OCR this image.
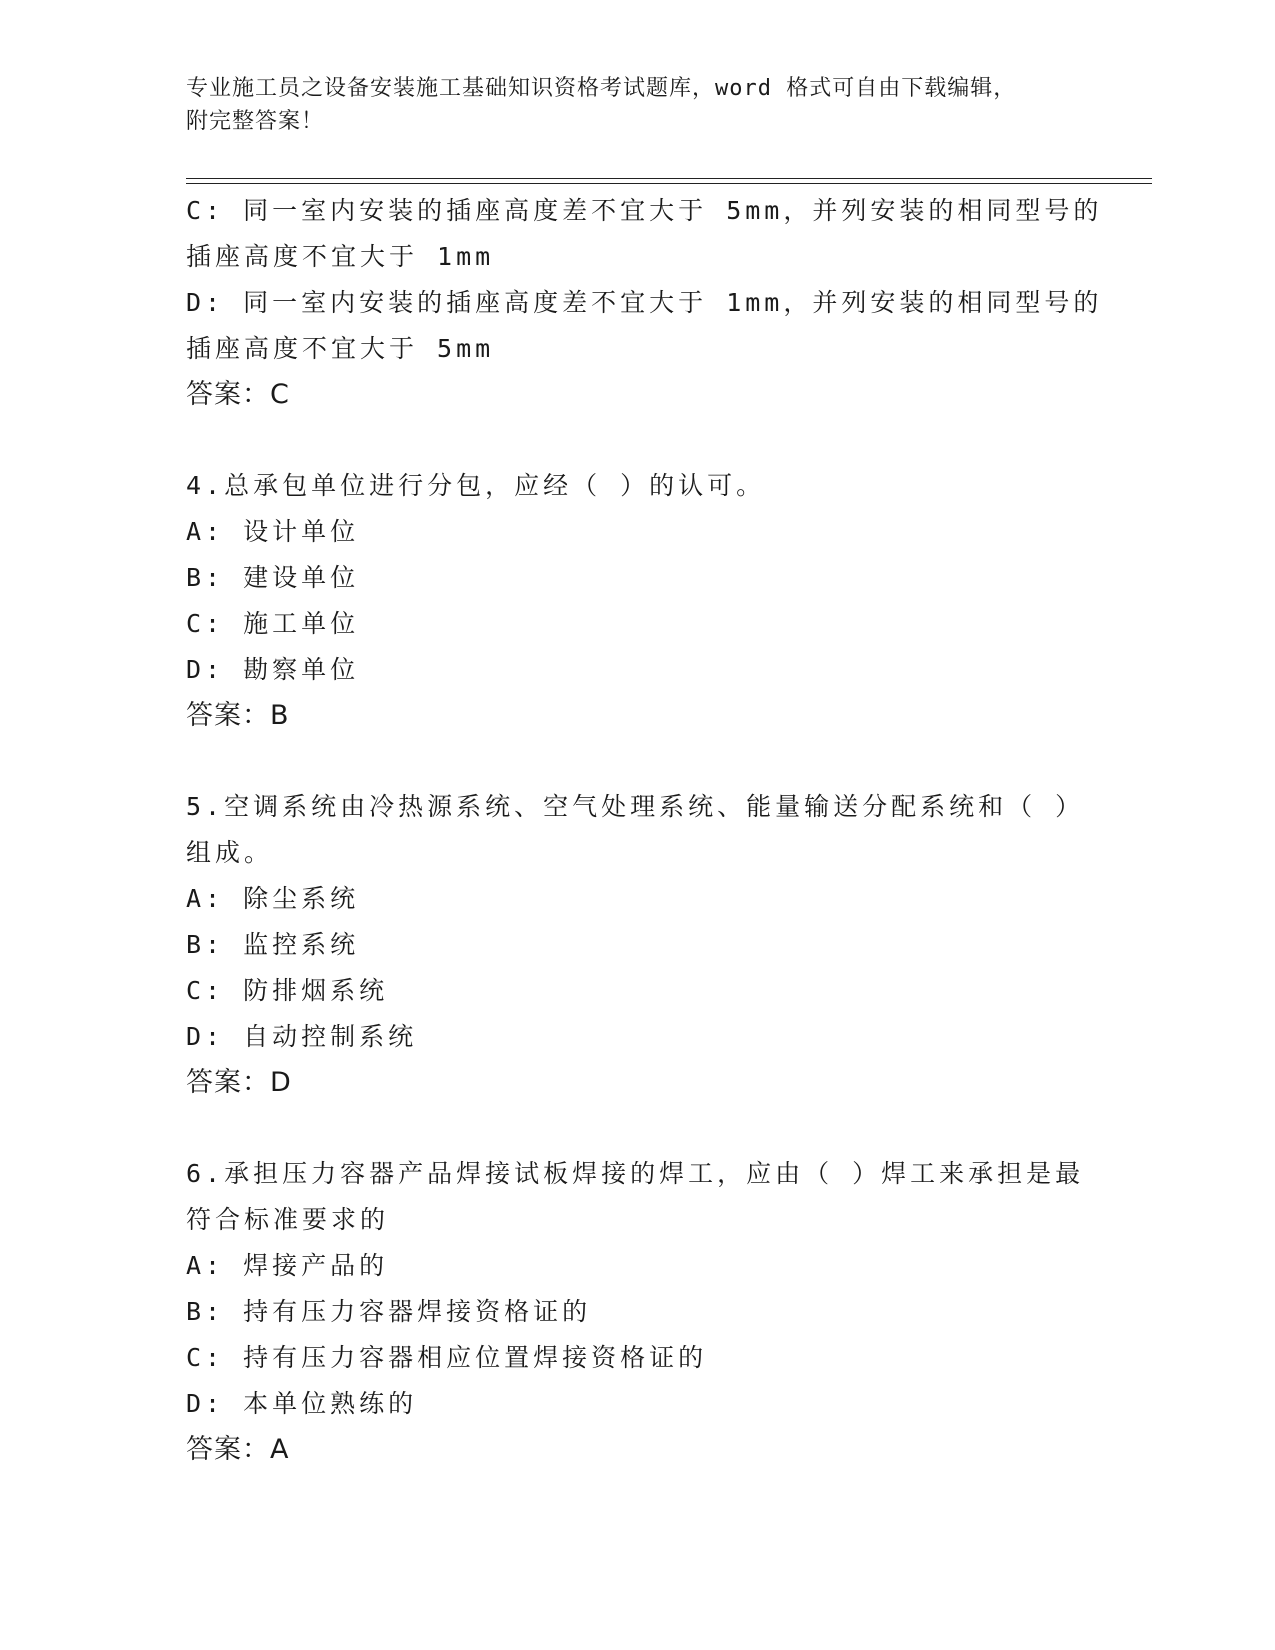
专业施工员之设备安装施工基础知识资格考试题库，word 格式可自由下载编辑，
附完整答案！
C: 同一室内安装的插座高度差不宜大于 5mm，并列安装的相同型号的
插座高度不宜大于 1mm
D: 同一室内安装的插座高度差不宜大于 1mm，并列安装的相同型号的
插座高度不宜大于 5mm
答案：C
4.总承包单位进行分包，应经（ ）的认可。
A: 设计单位
B: 建设单位
C: 施工单位
D: 勘察单位
答案：B
5.空调系统由冷热源系统、空气处理系统、能量输送分配系统和（ ）
组成。
A: 除尘系统
B: 监控系统
C: 防排烟系统
D: 自动控制系统
答案：D
6.承担压力容器产品焊接试板焊接的焊工，应由（ ）焊工来承担是最
符合标准要求的
A: 焊接产品的
B: 持有压力容器焊接资格证的
C: 持有压力容器相应位置焊接资格证的
D: 本单位熟练的
答案：A
